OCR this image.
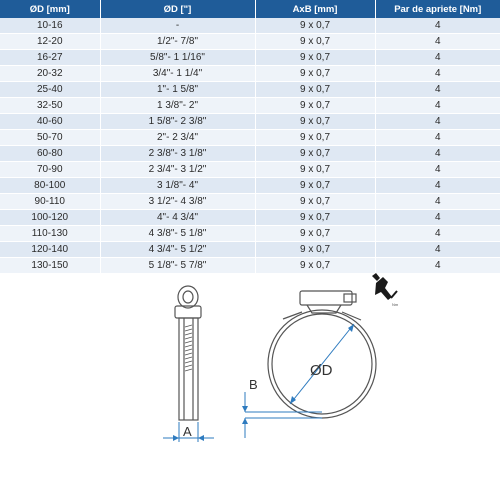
ØD [mm]	ØD ["]	AxB [mm]	Par de apriete [Nm]
10-16	-	9 x 0,7	4
12-20	1/2"- 7/8"	9 x 0,7	4
16-27	5/8"- 1 1/16"	9 x 0,7	4
20-32	3/4"- 1 1/4"	9 x 0,7	4
25-40	1"- 1 5/8"	9 x 0,7	4
32-50	1 3/8"- 2"	9 x 0,7	4
40-60	1 5/8"- 2 3/8"	9 x 0,7	4
50-70	2"- 2 3/4"	9 x 0,7	4
60-80	2 3/8"- 3 1/8"	9 x 0,7	4
70-90	2 3/4"- 3 1/2"	9 x 0,7	4
80-100	3 1/8"- 4"	9 x 0,7	4
90-110	3 1/2"- 4 3/8"	9 x 0,7	4
100-120	4"- 4 3/4"	9 x 0,7	4
110-130	4 3/8"- 5 1/8"	9 x 0,7	4
120-140	4 3/4"- 5 1/2"	9 x 0,7	4
130-150	5 1/8"- 5 7/8"	9 x 0,7	4
A
ØD
B
Nm
